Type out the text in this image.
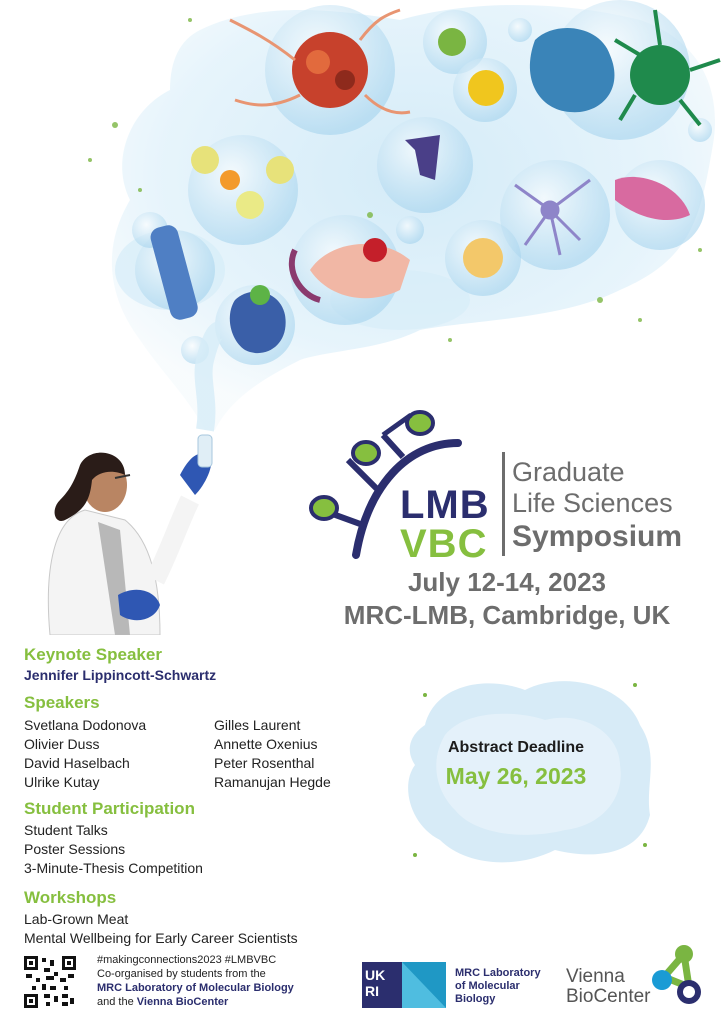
LMB
VBC
Graduate
Life Sciences
Symposium
July 12-14, 2023
MRC-LMB, Cambridge, UK
Keynote Speaker
Jennifer Lippincott-Schwartz
Speakers
Svetlana Dodonova
Olivier Duss
David Haselbach
Ulrike Kutay
Gilles Laurent
Annette Oxenius
Peter Rosenthal
Ramanujan Hegde
Student Participation
Student Talks
Poster Sessions
3-Minute-Thesis Competition
Workshops
Lab-Grown Meat
Mental Wellbeing for Early Career Scientists
Abstract Deadline
May 26, 2023
#makingconnections2023 #LMBVBC
Co-organised by students from the
MRC Laboratory of Molecular Biology
and the Vienna BioCenter
UK RI
MRC Laboratory
of Molecular
Biology
Vienna
BioCenter
